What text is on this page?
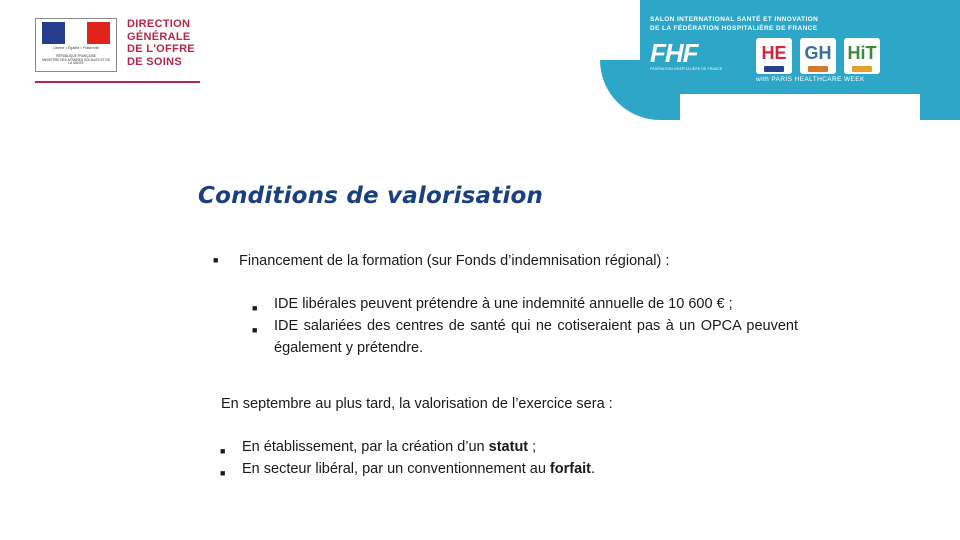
Liberté • Égalité • Fraternité
RÉPUBLIQUE FRANÇAISE
MINISTÈRE DES AFFAIRES SOCIALES ET DE LA SANTÉ
DIRECTION
GÉNÉRALE
DE L'OFFRE
DE SOINS
SALON INTERNATIONAL SANTÉ ET INNOVATION
DE LA FÉDÉRATION HOSPITALIÈRE DE FRANCE
FHF
FÉDÉRATION HOSPITALIÈRE DE FRANCE
HE	GH HiT
with PARIS HEALTHCARE WEEK
Conditions de valorisation
■ Financement de la formation (sur Fonds d’indemnisation régional) :
■ IDE libérales peuvent prétendre à une indemnité annuelle de 10 600 € ;
■ IDE salariées des centres de santé qui ne cotiseraient pas à un OPCA peuvent également y prétendre.
En septembre au plus tard, la valorisation de l’exercice sera :
■ En établissement, par la création d’un statut ;
■ En secteur libéral, par un conventionnement au forfait.
